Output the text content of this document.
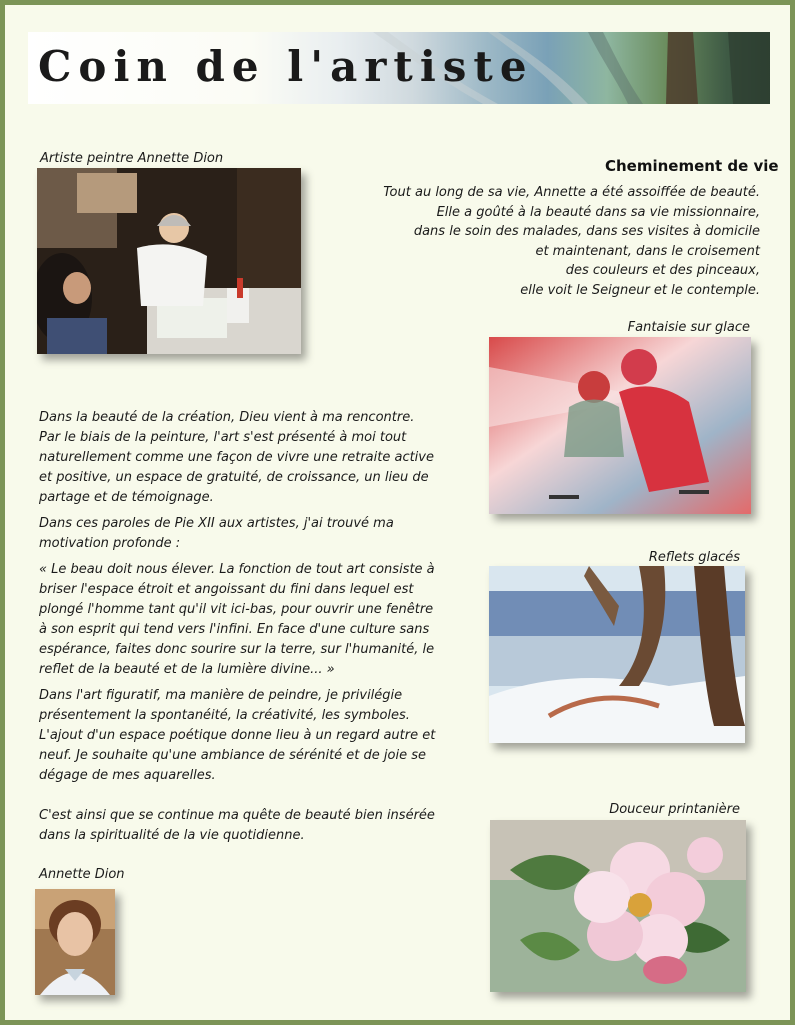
Coin de l'artiste
Artiste peintre Annette Dion	Cheminement de vie
Tout au long de sa vie, Annette a été assoiffée de beauté.
Elle a goûté à la beauté dans sa vie missionnaire,
dans le soin des malades, dans ses visites à domicile
et maintenant, dans le croisement
des couleurs et des pinceaux,
elle voit le Seigneur et le contemple.
Fantaisie sur glace
Reflets glacés
Douceur printanière

Dans la beauté de la création, Dieu vient à ma rencontre. Par le biais de la peinture, l'art s'est présenté à moi tout naturellement comme une façon de vivre une retraite active et positive, un espace de gratuité, de croissance, un lieu de partage et de témoignage.

Dans ces paroles de Pie XII aux artistes, j'ai trouvé ma motivation profonde :

« Le beau doit nous élever. La fonction de tout art consiste à briser l'espace étroit et angoissant du fini dans lequel est plongé l'homme tant qu'il vit ici-bas, pour ouvrir une fenêtre à son esprit qui tend vers l'infini. En face d'une culture sans espérance, faites donc sourire sur la terre, sur l'humanité, le reflet de la beauté et de la lumière divine... »

Dans l'art figuratif, ma manière de peindre, je privilégie présentement la spontanéité, la créativité, les symboles. L'ajout d'un espace poétique donne lieu à un regard autre et neuf. Je souhaite qu'une ambiance de sérénité et de joie se dégage de mes aquarelles.

C'est ainsi que se continue ma quête de beauté bien insérée dans la spiritualité de la vie quotidienne.

Annette Dion
